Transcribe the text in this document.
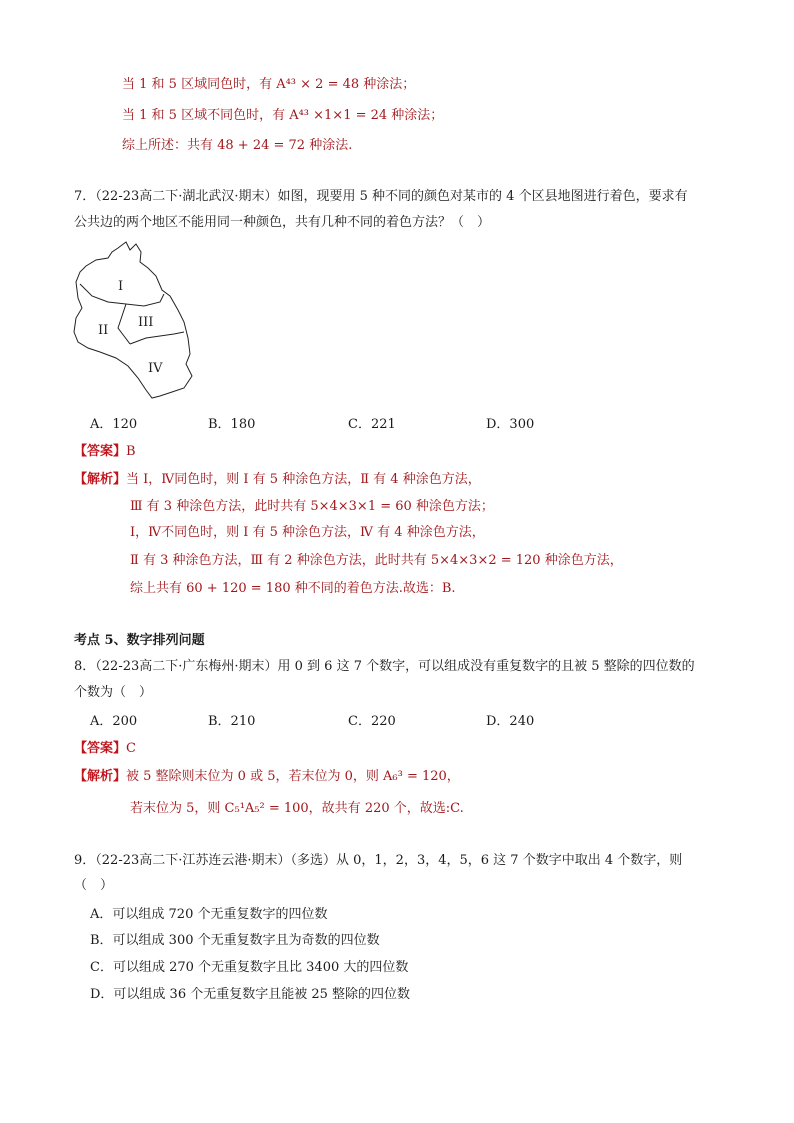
当 1 和 5 区域同色时，有 A⁴³ × 2 = 48 种涂法；
当 1 和 5 区域不同色时，有 A⁴³ ×1×1 = 24 种涂法；
综上所述：共有 48 + 24 = 72 种涂法.
7．（22-23高二下·湖北武汉·期末）如图，现要用 5 种不同的颜色对某市的 4 个区县地图进行着色，要求有
公共边的两个地区不能用同一种颜色，共有几种不同的着色方法？（　）
I
II
III
IV
A．120	B．180	C．221	D．300
【答案】B
【解析】当 Ⅰ，Ⅳ同色时，则 Ⅰ 有 5 种涂色方法，Ⅱ 有 4 种涂色方法，
Ⅲ 有 3 种涂色方法，此时共有 5×4×3×1 = 60 种涂色方法；
Ⅰ，Ⅳ不同色时，则 Ⅰ 有 5 种涂色方法，Ⅳ 有 4 种涂色方法，
Ⅱ 有 3 种涂色方法，Ⅲ 有 2 种涂色方法，此时共有 5×4×3×2 = 120 种涂色方法，
综上共有 60 + 120 = 180 种不同的着色方法.故选：B.
考点 5、数字排列问题
8．（22-23高二下·广东梅州·期末）用 0 到 6 这 7 个数字，可以组成没有重复数字的且被 5 整除的四位数的
个数为（　）
A．200	B．210	C．220	D．240
【答案】C
【解析】被 5 整除则末位为 0 或 5，若末位为 0，则 A₆³ = 120，
若末位为 5，则 C₅¹A₅² = 100，故共有 220 个，故选:C.
9．（22-23高二下·江苏连云港·期末）（多选）从 0，1，2，3，4，5，6 这 7 个数字中取出 4 个数字，则
（　）
A．可以组成 720 个无重复数字的四位数
B．可以组成 300 个无重复数字且为奇数的四位数
C．可以组成 270 个无重复数字且比 3400 大的四位数
D．可以组成 36 个无重复数字且能被 25 整除的四位数
